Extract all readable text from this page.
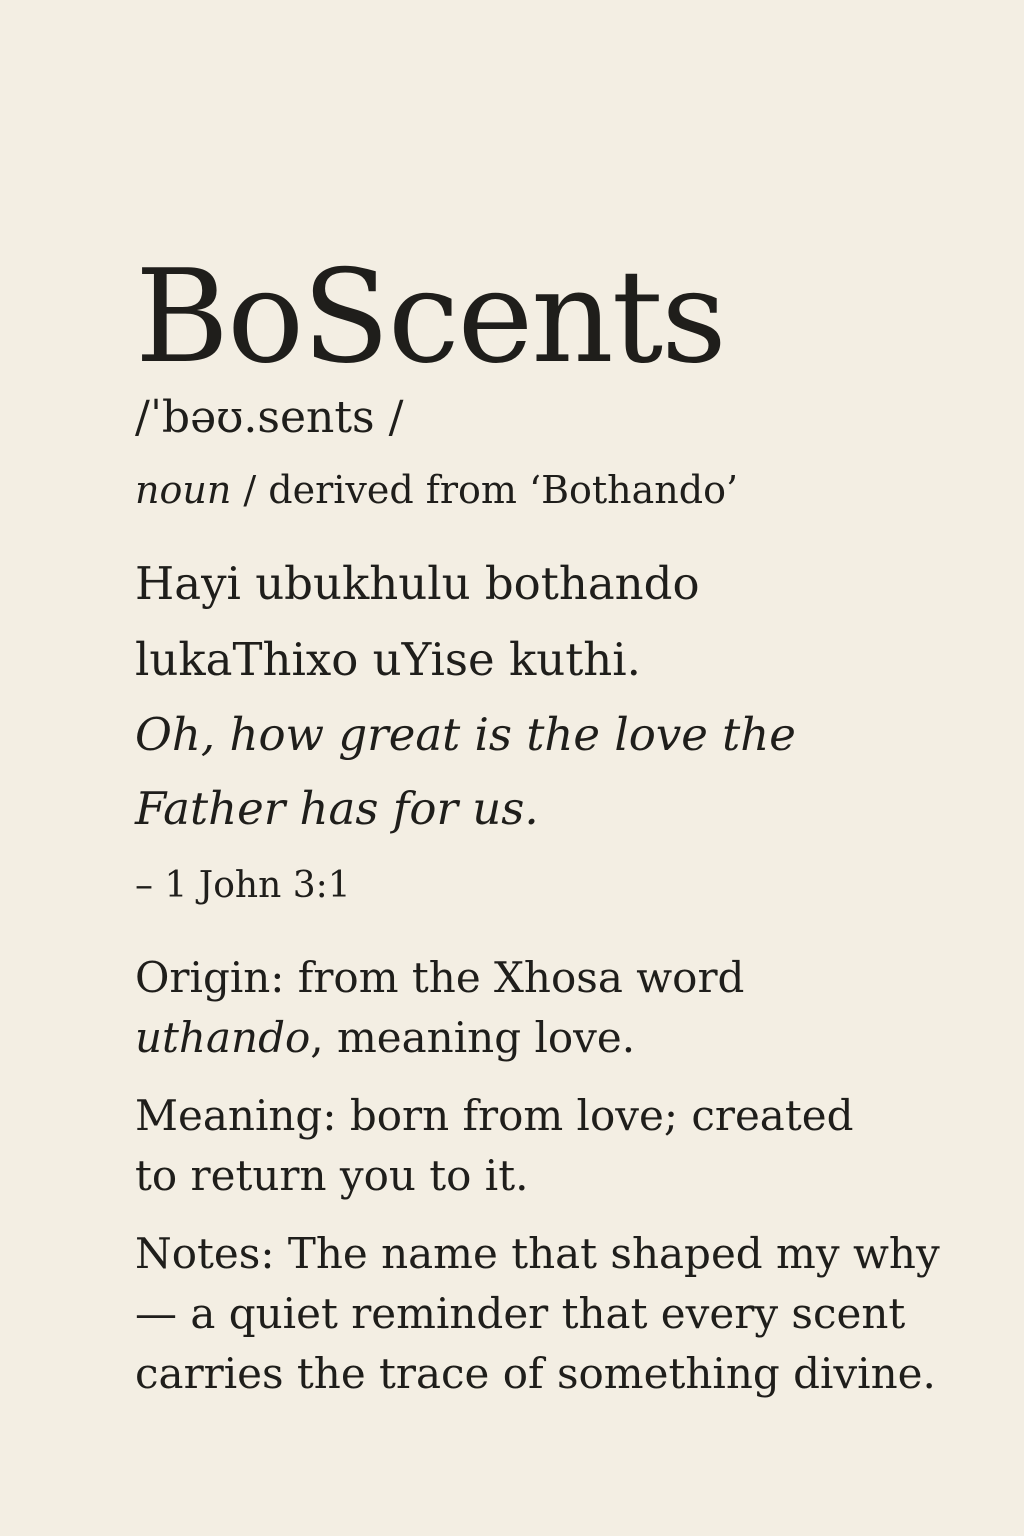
BoScents
/ˈbəʊ.sents /
noun / derived from ‘Bothando’
Hayi ubukhulu bothando
lukaThixo uYise kuthi.
Oh, how great is the love the
Father has for us.
– 1 John 3:1
Origin: from the Xhosa word
uthando, meaning love.
Meaning: born from love; created
to return you to it.
Notes: The name that shaped my why
— a quiet reminder that every scent
carries the trace of something divine.
